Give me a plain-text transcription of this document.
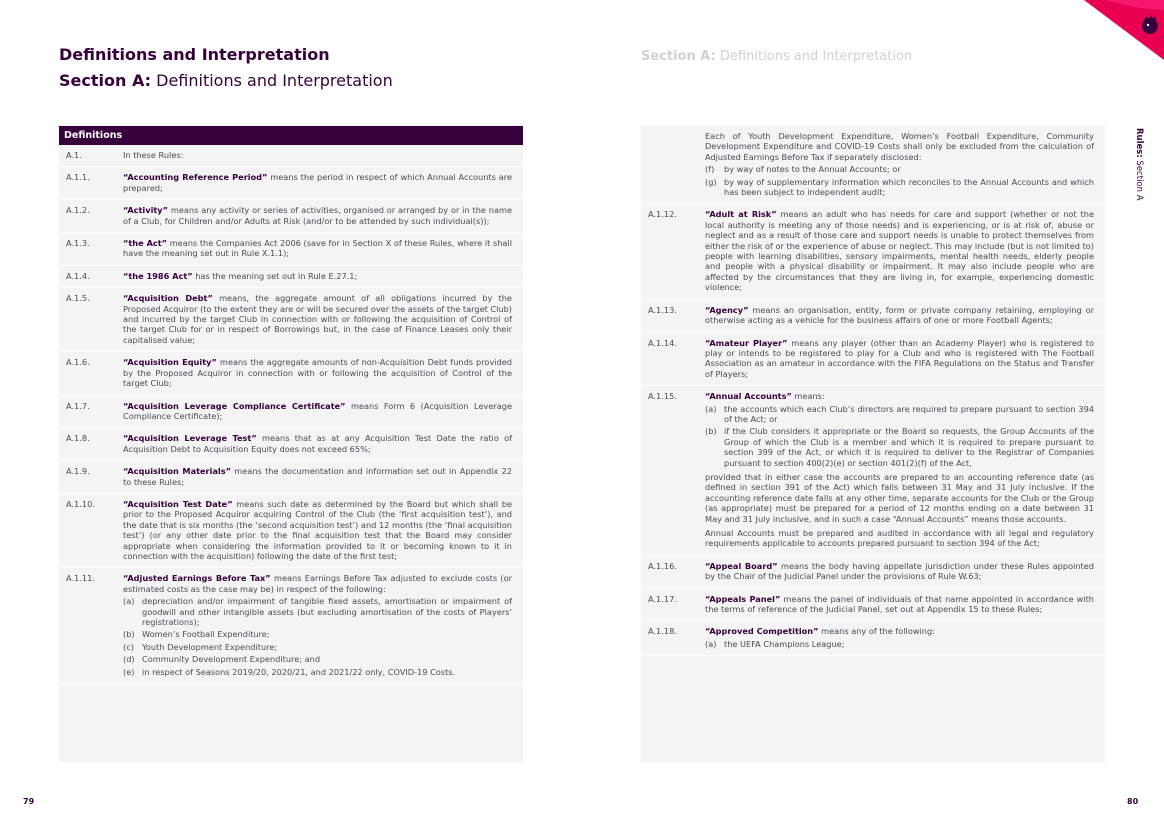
Definitions and Interpretation
Section A: Definitions and Interpretation
Section A: Definitions and Interpretation
Rules: Section A
Definitions
A.1.	In these Rules:
A.1.1.	“Accounting Reference Period” means the period in respect of which Annual Accounts are prepared;
A.1.2.	“Activity” means any activity or series of activities, organised or arranged by or in the name of a Club, for Children and/or Adults at Risk (and/or to be attended by such individual(s));
A.1.3.	“the Act” means the Companies Act 2006 (save for in Section X of these Rules, where it shall have the meaning set out in Rule X.1.1);
A.1.4.	“the 1986 Act” has the meaning set out in Rule E.27.1;
A.1.5.	“Acquisition Debt” means, the aggregate amount of all obligations incurred by the Proposed Acquiror (to the extent they are or will be secured over the assets of the target Club) and incurred by the target Club in connection with or following the acquisition of Control of the target Club for or in respect of Borrowings but, in the case of Finance Leases only their capitalised value;
A.1.6.	“Acquisition Equity” means the aggregate amounts of non-Acquisition Debt funds provided by the Proposed Acquiror in connection with or following the acquisition of Control of the target Club;
A.1.7.	“Acquisition Leverage Compliance Certificate” means Form 6 (Acquisition Leverage Compliance Certificate);
A.1.8.	“Acquisition Leverage Test” means that as at any Acquisition Test Date the ratio of Acquisition Debt to Acquisition Equity does not exceed 65%;
A.1.9.	“Acquisition Materials” means the documentation and information set out in Appendix 22 to these Rules;
A.1.10.	“Acquisition Test Date” means such date as determined by the Board but which shall be prior to the Proposed Acquiror acquiring Control of the Club (the ‘first acquisition test’), and the date that is six months (the ‘second acquisition test’) and 12 months (the ‘final acquisition test’) (or any other date prior to the final acquisition test that the Board may consider appropriate when considering the information provided to it or becoming known to it in connection with the acquisition) following the date of the first test;
A.1.11.	“Adjusted Earnings Before Tax” means Earnings Before Tax adjusted to exclude costs (or estimated costs as the case may be) in respect of the following:
(a) depreciation and/or impairment of tangible fixed assets, amortisation or impairment of goodwill and other intangible assets (but excluding amortisation of the costs of Players’ registrations);
(b) Women’s Football Expenditure;
(c) Youth Development Expenditure;
(d) Community Development Expenditure; and
(e) in respect of Seasons 2019/20, 2020/21, and 2021/22 only, COVID-19 Costs.
Each of Youth Development Expenditure, Women’s Football Expenditure, Community Development Expenditure and COVID-19 Costs shall only be excluded from the calculation of Adjusted Earnings Before Tax if separately disclosed:
(f) by way of notes to the Annual Accounts; or
(g) by way of supplementary information which reconciles to the Annual Accounts and which has been subject to independent audit;
A.1.12.	“Adult at Risk” means an adult who has needs for care and support (whether or not the local authority is meeting any of those needs) and is experiencing, or is at risk of, abuse or neglect and as a result of those care and support needs is unable to protect themselves from either the risk of or the experience of abuse or neglect. This may include (but is not limited to) people with learning disabilities, sensory impairments, mental health needs, elderly people and people with a physical disability or impairment. It may also include people who are affected by the circumstances that they are living in, for example, experiencing domestic violence;
A.1.13.	“Agency” means an organisation, entity, form or private company retaining, employing or otherwise acting as a vehicle for the business affairs of one or more Football Agents;
A.1.14.	“Amateur Player” means any player (other than an Academy Player) who is registered to play or intends to be registered to play for a Club and who is registered with The Football Association as an amateur in accordance with the FIFA Regulations on the Status and Transfer of Players;
A.1.15.	“Annual Accounts” means:
(a) the accounts which each Club’s directors are required to prepare pursuant to section 394 of the Act; or
(b) if the Club considers it appropriate or the Board so requests, the Group Accounts of the Group of which the Club is a member and which it is required to prepare pursuant to section 399 of the Act, or which it is required to deliver to the Registrar of Companies pursuant to section 400(2)(e) or section 401(2)(f) of the Act,
provided that in either case the accounts are prepared to an accounting reference date (as defined in section 391 of the Act) which falls between 31 May and 31 July inclusive. If the accounting reference date falls at any other time, separate accounts for the Club or the Group (as appropriate) must be prepared for a period of 12 months ending on a date between 31 May and 31 July inclusive, and in such a case “Annual Accounts” means those accounts.
Annual Accounts must be prepared and audited in accordance with all legal and regulatory requirements applicable to accounts prepared pursuant to section 394 of the Act;
A.1.16.	“Appeal Board” means the body having appellate jurisdiction under these Rules appointed by the Chair of the Judicial Panel under the provisions of Rule W.63;
A.1.17.	“Appeals Panel” means the panel of individuals of that name appointed in accordance with the terms of reference of the Judicial Panel, set out at Appendix 15 to these Rules;
A.1.18.	“Approved Competition” means any of the following:
(a) the UEFA Champions League;
79	80
